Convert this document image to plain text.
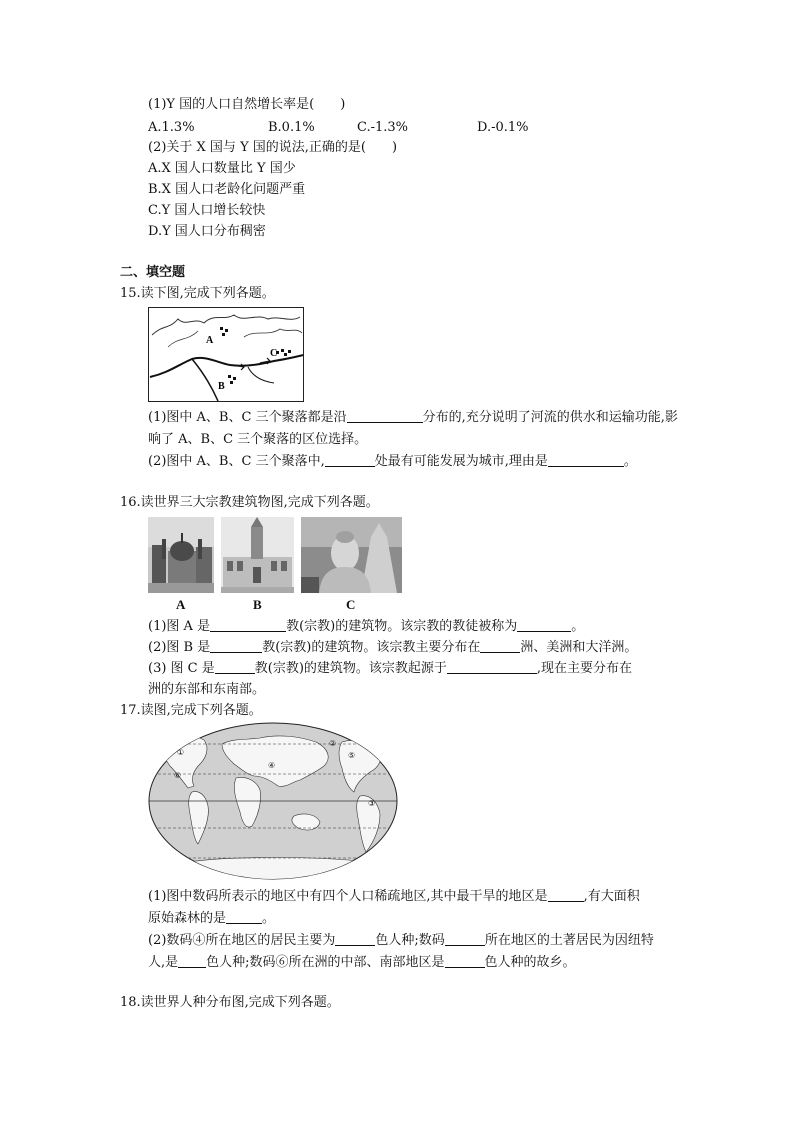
(1)Y 国的人口自然增长率是(　　)
A.1.3%	B.0.1%	C.-1.3%	D.-0.1%
(2)关于 X 国与 Y 国的说法,正确的是(　　)
A.X 国人口数量比 Y 国少
B.X 国人口老龄化问题严重
C.Y 国人口增长较快
D.Y 国人口分布稠密
二、填空题
15.读下图,完成下列各题。
A
B
C
(1)图中 A、B、C 三个聚落都是沿	分布的,充分说明了河流的供水和运输功能,影
响了 A、B、C 三个聚落的区位选择。
(2)图中 A、B、C 三个聚落中,	处最有可能发展为城市,理由是	。
16.读世界三大宗教建筑物图,完成下列各题。
A	B	C
(1)图 A 是	教(宗教)的建筑物。该宗教的教徒被称为	。
(2)图 B 是	教(宗教)的建筑物。该宗教主要分布在	洲、美洲和大洋洲。
(3) 图 C 是	教(宗教)的建筑物。该宗教起源于	,现在主要分布在
洲的东部和东南部。
17.读图,完成下列各题。
①
②
③
④
⑤
⑥
(1)图中数码所表示的地区中有四个人口稀疏地区,其中最干旱的地区是	,有大面积
原始森林的是	。
(2)数码④所在地区的居民主要为	色人种;数码	所在地区的土著居民为因纽特
人,是 色人种;数码⑥所在洲的中部、南部地区是	色人种的故乡。
18.读世界人种分布图,完成下列各题。
